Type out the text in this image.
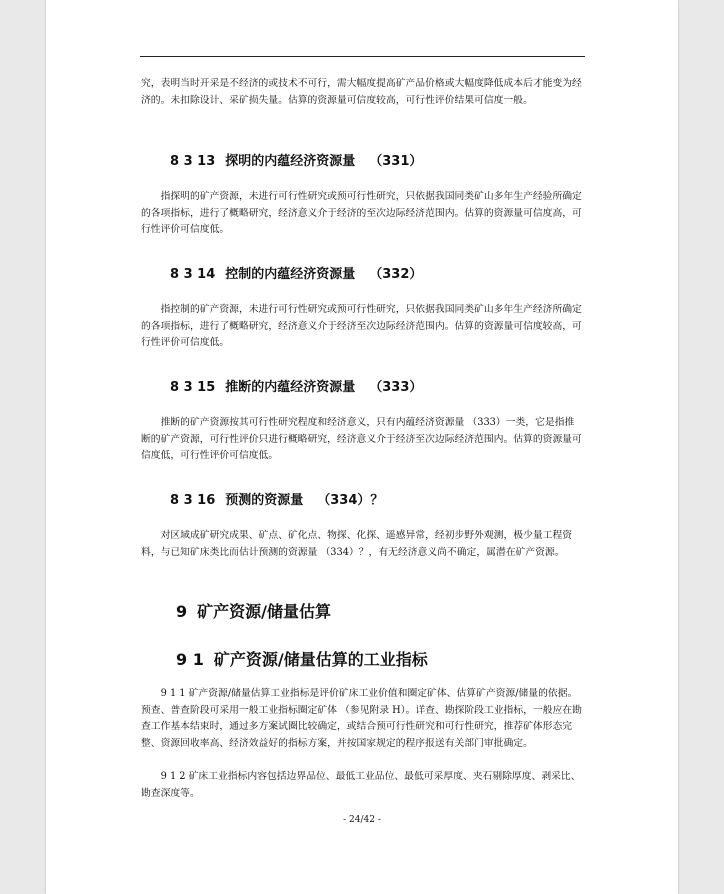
究，表明当时开采是不经济的或技术不可行，需大幅度提高矿产品价格或大幅度降低成本后才能变为经济的。未扣除设计、采矿损失量。估算的资源量可信度较高，可行性评价结果可信度一般。

8 3 13 探明的内蕴经济资源量 （331）

指探明的矿产资源，未进行可行性研究或预可行性研究，只依据我国同类矿山多年生产经验所确定的各项指标，进行了概略研究，经济意义介于经济的至次边际经济范围内。估算的资源量可信度高，可行性评价可信度低。

8 3 14 控制的内蕴经济资源量 （332）

指控制的矿产资源，未进行可行性研究或预可行性研究，只依据我国同类矿山多年生产经济所确定的各项指标，进行了概略研究，经济意义介于经济至次边际经济范围内。估算的资源量可信度较高，可行性评价可信度低。

8 3 15 推断的内蕴经济资源量 （333）

推断的矿产资源按其可行性研究程度和经济意义，只有内蕴经济资源量 （333）一类，它是指推断的矿产资源，可行性评价只进行概略研究，经济意义介于经济至次边际经济范围内。估算的资源量可信度低，可行性评价可信度低。

8 3 16 预测的资源量 （334）？

对区域成矿研究成果、矿点、矿化点、物探、化探、遥感异常，经初步野外观测，极少量工程资料，与已知矿床类比而估计预测的资源量 （334）？，有无经济意义尚不确定，属潜在矿产资源。

9 矿产资源/储量估算
9 1 矿产资源/储量估算的工业指标

9 1 1 矿产资源/储量估算工业指标是评价矿床工业价值和圈定矿体、估算矿产资源/储量的依据。预查、普查阶段可采用一般工业指标圈定矿体 （参见附录 H）。详查、勘探阶段工业指标，一般应在勘查工作基本结束时，通过多方案试圈比较确定，或结合预可行性研究和可行性研究，推荐矿体形态完整、资源回收率高、经济效益好的指标方案，并按国家规定的程序报送有关部门审批确定。

9 1 2 矿床工业指标内容包括边界品位、最低工业品位、最低可采厚度、夹石剔除厚度、剥采比、勘查深度等。

- 24/42 -
